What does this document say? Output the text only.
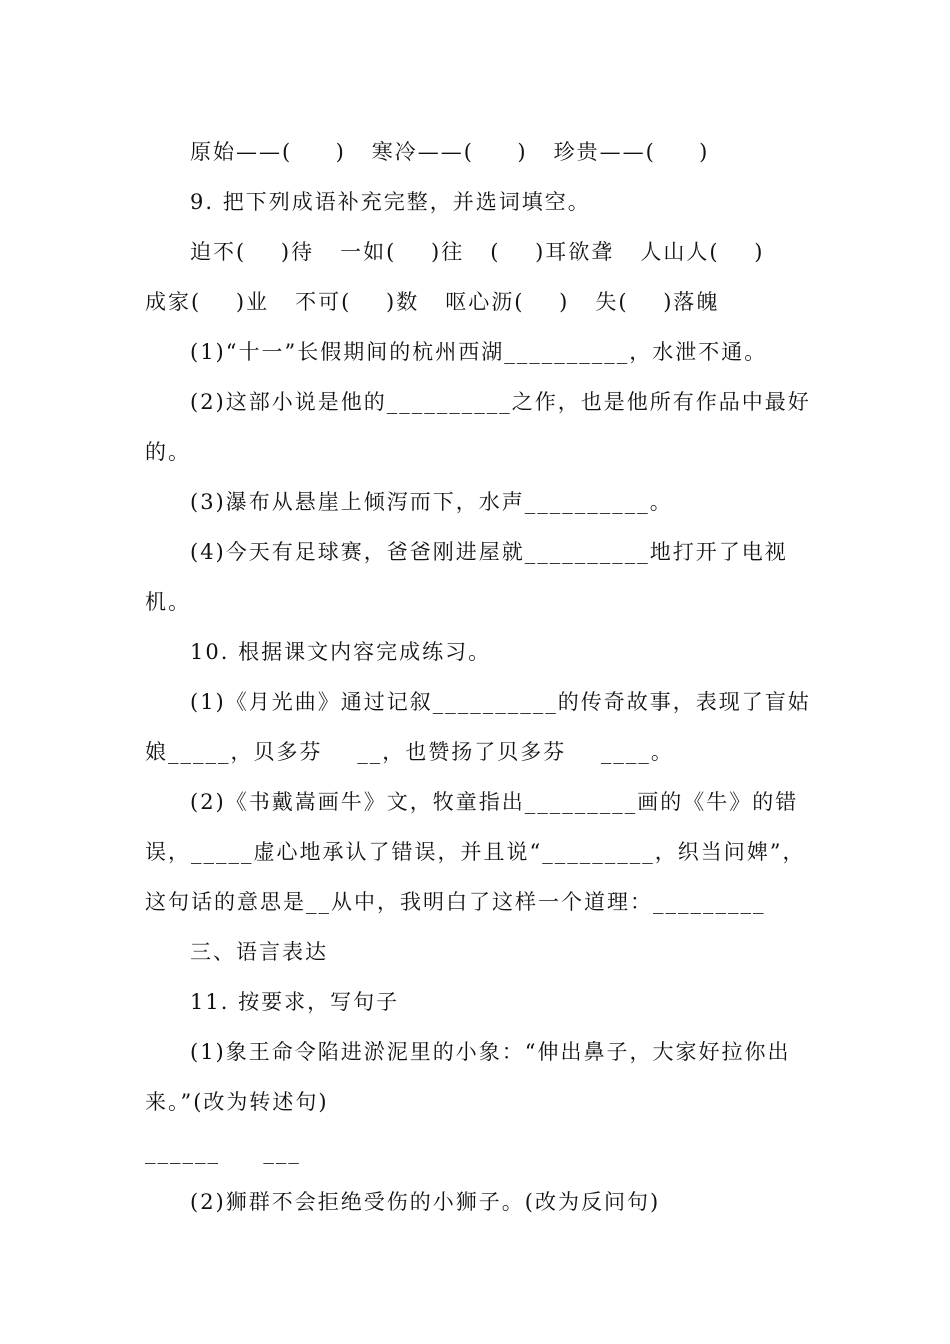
原始——(     )   寒冷——(     )   珍贵——(     )
9. 把下列成语补充完整，并选词填空。
迫不(    )待   一如(    )往   (    )耳欲聋   人山人(    )
成家(    )业   不可(    )数   呕心沥(    )   失(    )落魄
(1)“十一”长假期间的杭州西湖__________，水泄不通。
(2)这部小说是他的__________之作，也是他所有作品中最好
的。
(3)瀑布从悬崖上倾泻而下，水声__________。
(4)今天有足球赛，爸爸刚进屋就__________地打开了电视
机。
10. 根据课文内容完成练习。
(1)《月光曲》通过记叙__________的传奇故事，表现了盲姑
娘_____，贝多芬    __，也赞扬了贝多芬    ____。
(2)《书戴嵩画牛》文，牧童指出_________画的《牛》的错
误，_____虚心地承认了错误，并且说“_________，织当问婢”，
这句话的意思是__从中，我明白了这样一个道理：_________
三、语言表达
11. 按要求，写句子
(1)象王命令陷进淤泥里的小象：“伸出鼻子，大家好拉你出
来。”(改为转述句)
______     ___
(2)狮群不会拒绝受伤的小狮子。(改为反问句)
